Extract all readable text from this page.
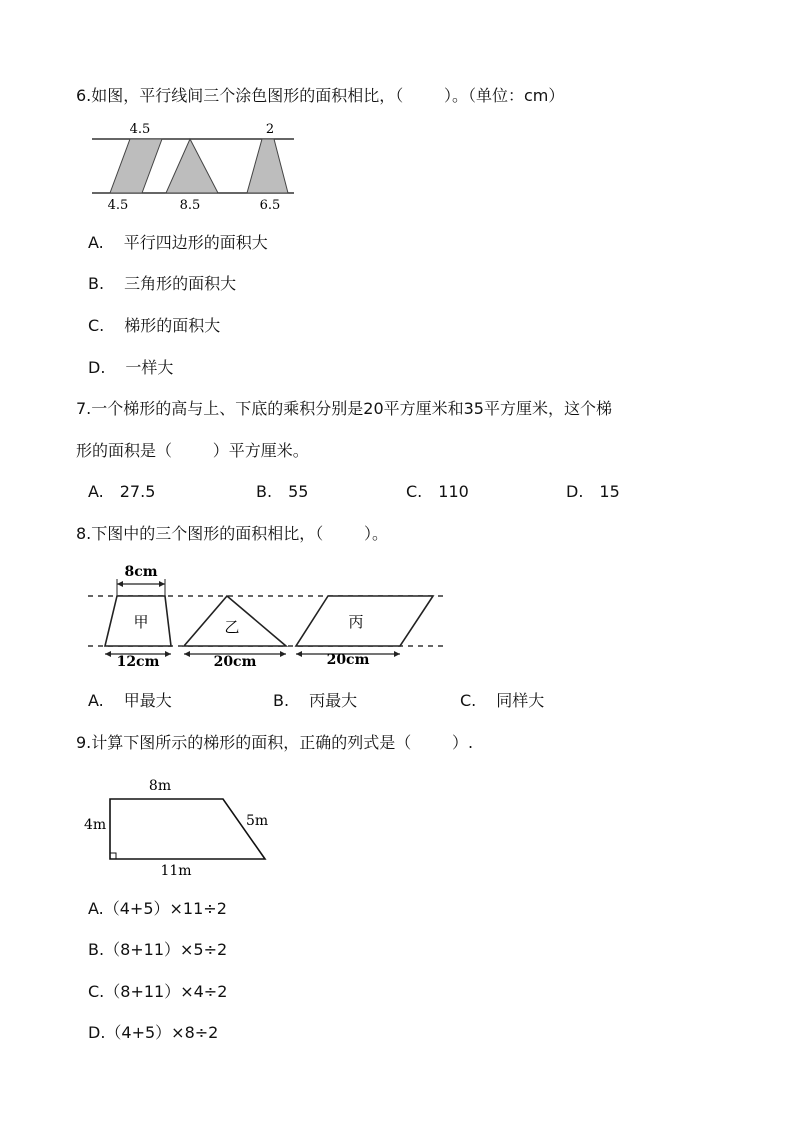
6.如图，平行线间三个涂色图形的面积相比，（        ）。（单位：cm）
4.5	2
4.5	8.5	6.5
A. 平行四边形的面积大
B. 三角形的面积大
C. 梯形的面积大
D. 一样大
7.一个梯形的高与上、下底的乘积分别是20平方厘米和35平方厘米，这个梯
形的面积是（        ）平方厘米。
A. 27.5	B. 55	C. 110	D. 15
8.下图中的三个图形的面积相比，（        ）。
8cm
甲
12cm
乙
20cm
丙
20cm
A. 甲最大	B. 丙最大	C. 同样大
9.计算下图所示的梯形的面积，正确的列式是（        ）.
8m
4m	5m
11m
A.（4+5）×11÷2
B.（8+11）×5÷2
C.（8+11）×4÷2
D.（4+5）×8÷2
